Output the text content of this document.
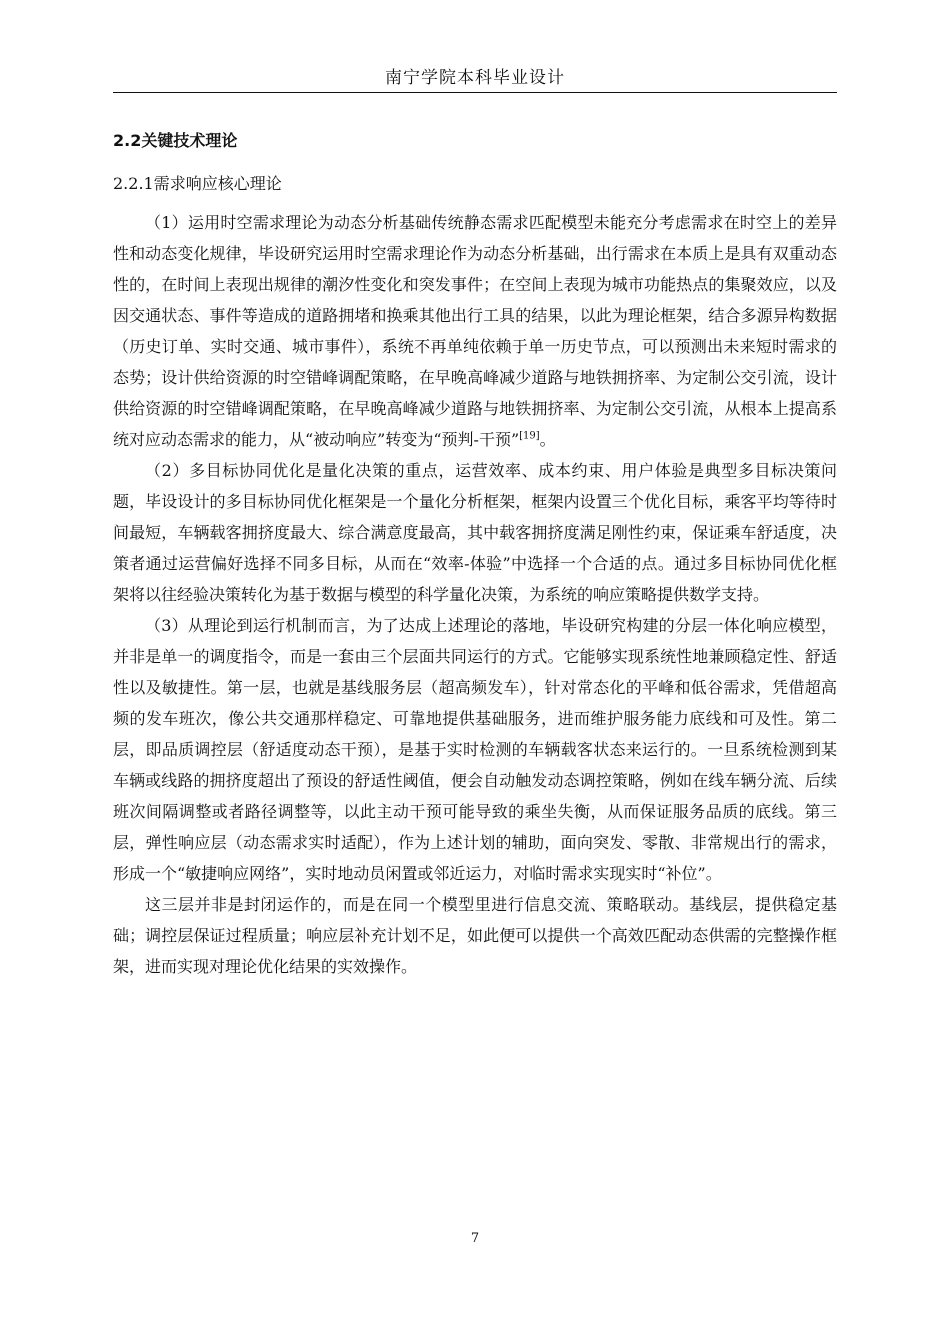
南宁学院本科毕业设计
2.2关键技术理论
2.2.1需求响应核心理论

（1）运用时空需求理论为动态分析基础传统静态需求匹配模型未能充分考虑需求在时空上的差异性和动态变化规律，毕设研究运用时空需求理论作为动态分析基础，出行需求在本质上是具有双重动态性的，在时间上表现出规律的潮汐性变化和突发事件；在空间上表现为城市功能热点的集聚效应，以及因交通状态、事件等造成的道路拥堵和换乘其他出行工具的结果，以此为理论框架，结合多源异构数据（历史订单、实时交通、城市事件），系统不再单纯依赖于单一历史节点，可以预测出未来短时需求的态势；设计供给资源的时空错峰调配策略，在早晚高峰减少道路与地铁拥挤率、为定制公交引流，设计供给资源的时空错峰调配策略，在早晚高峰减少道路与地铁拥挤率、为定制公交引流，从根本上提高系统对应动态需求的能力，从“被动响应”转变为“预判-干预”[19]。

（2）多目标协同优化是量化决策的重点，运营效率、成本约束、用户体验是典型多目标决策问题，毕设设计的多目标协同优化框架是一个量化分析框架，框架内设置三个优化目标，乘客平均等待时间最短，车辆载客拥挤度最大、综合满意度最高，其中载客拥挤度满足刚性约束，保证乘车舒适度，决策者通过运营偏好选择不同多目标，从而在“效率-体验”中选择一个合适的点。通过多目标协同优化框架将以往经验决策转化为基于数据与模型的科学量化决策，为系统的响应策略提供数学支持。

（3）从理论到运行机制而言，为了达成上述理论的落地，毕设研究构建的分层一体化响应模型，并非是单一的调度指令，而是一套由三个层面共同运行的方式。它能够实现系统性地兼顾稳定性、舒适性以及敏捷性。第一层，也就是基线服务层（超高频发车），针对常态化的平峰和低谷需求，凭借超高频的发车班次，像公共交通那样稳定、可靠地提供基础服务，进而维护服务能力底线和可及性。第二层，即品质调控层（舒适度动态干预），是基于实时检测的车辆载客状态来运行的。一旦系统检测到某车辆或线路的拥挤度超出了预设的舒适性阈值，便会自动触发动态调控策略，例如在线车辆分流、后续班次间隔调整或者路径调整等，以此主动干预可能导致的乘坐失衡，从而保证服务品质的底线。第三层，弹性响应层（动态需求实时适配），作为上述计划的辅助，面向突发、零散、非常规出行的需求，形成一个“敏捷响应网络”，实时地动员闲置或邻近运力，对临时需求实现实时“补位”。

这三层并非是封闭运作的，而是在同一个模型里进行信息交流、策略联动。基线层，提供稳定基础；调控层保证过程质量；响应层补充计划不足，如此便可以提供一个高效匹配动态供需的完整操作框架，进而实现对理论优化结果的实效操作。

7
